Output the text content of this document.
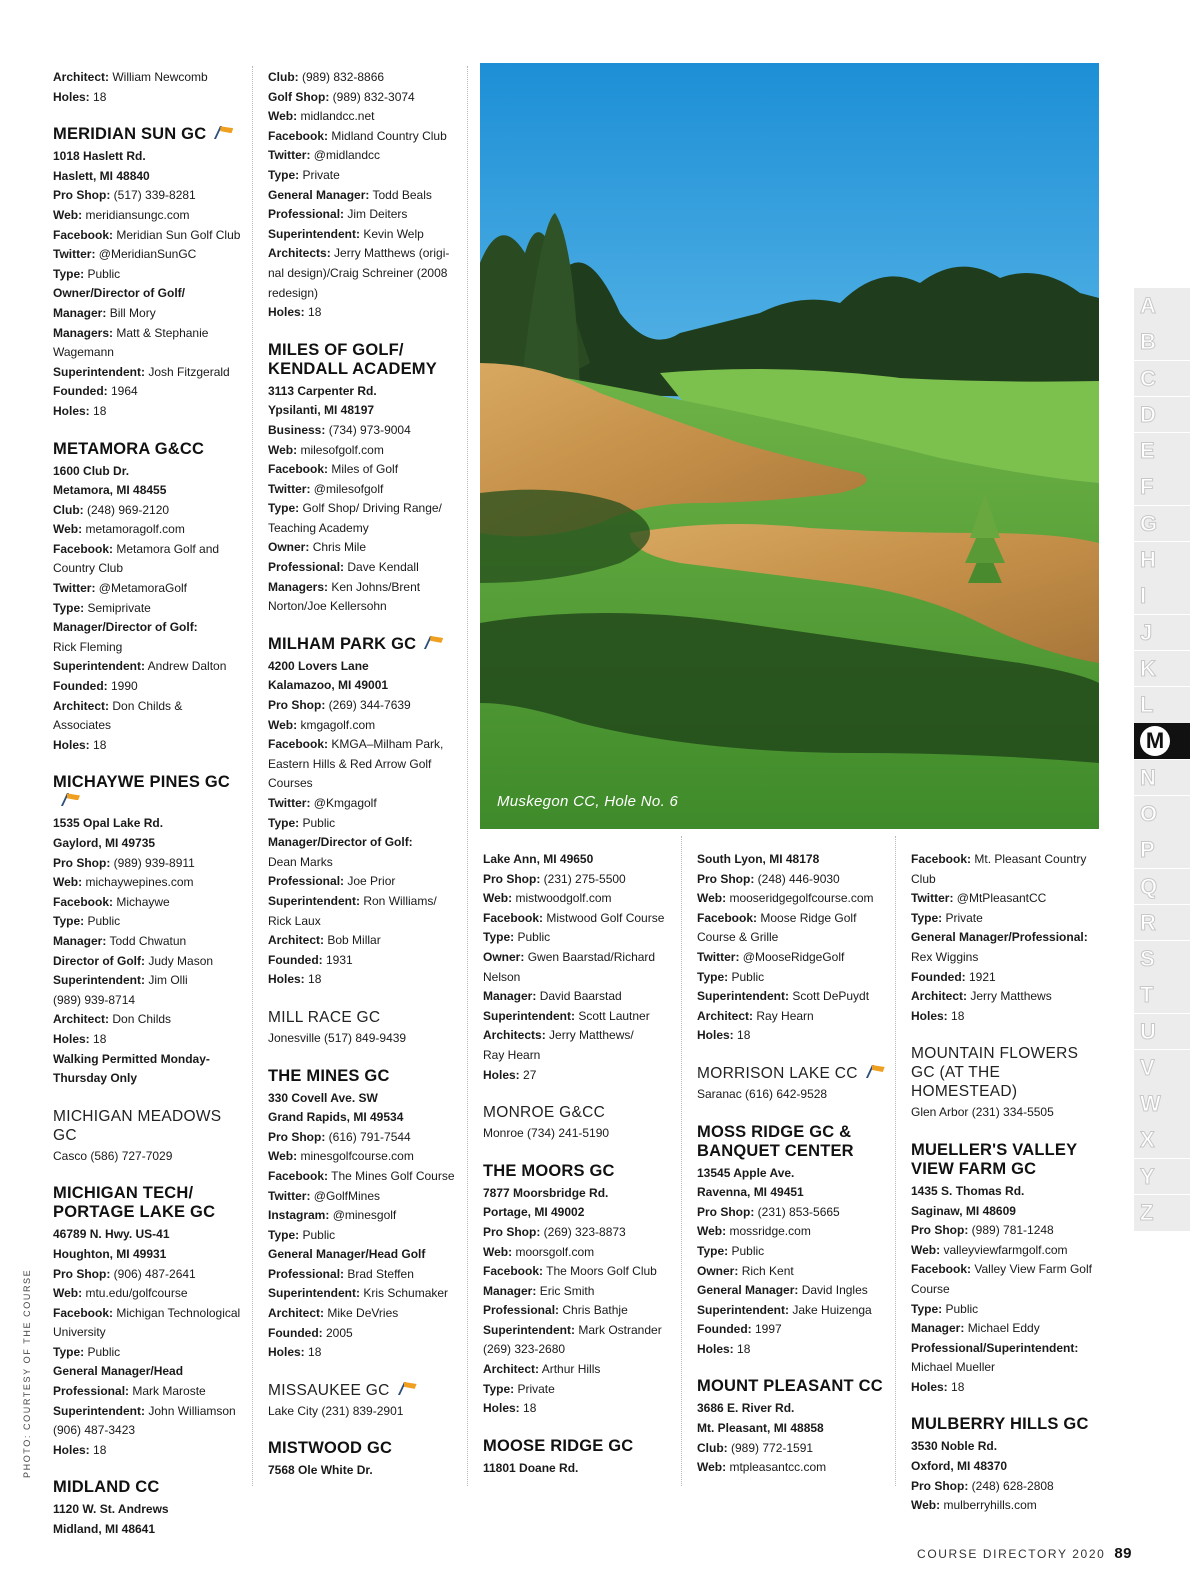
Architect: William Newcomb
Holes: 18
MERIDIAN SUN GC
1018 Haslett Rd.
Haslett, MI 48840
Pro Shop: (517) 339-8281
Web: meridiansungc.com
Facebook: Meridian Sun Golf Club
Twitter: @MeridianSunGC
Type: Public
Owner/Director of Golf/
Manager: Bill Mory
Managers: Matt & Stephanie
Wagemann
Superintendent: Josh Fitzgerald
Founded: 1964
Holes: 18
METAMORA G&CC
1600 Club Dr.
Metamora, MI 48455
Club: (248) 969-2120
Web: metamoragolf.com
Facebook: Metamora Golf and
Country Club
Twitter: @MetamoraGolf
Type: Semiprivate
Manager/Director of Golf:
Rick Fleming
Superintendent: Andrew Dalton
Founded: 1990
Architect: Don Childs & Associates
Holes: 18
MICHAYWE PINES GC
1535 Opal Lake Rd.
Gaylord, MI 49735
Pro Shop: (989) 939-8911
Web: michaywepines.com
Facebook: Michaywe
Type: Public
Manager: Todd Chwatun
Director of Golf: Judy Mason
Superintendent: Jim Olli
(989) 939-8714
Architect: Don Childs
Holes: 18
Walking Permitted Monday-
Thursday Only
MICHIGAN MEADOWS GC
Casco (586) 727-7029
MICHIGAN TECH/ PORTAGE LAKE GC
46789 N. Hwy. US-41
Houghton, MI 49931
Pro Shop: (906) 487-2641
Web: mtu.edu/golfcourse
Facebook: Michigan Technological
University
Type: Public
General Manager/Head
Professional: Mark Maroste
Superintendent: John Williamson
(906) 487-3423
Holes: 18
MIDLAND CC
1120 W. St. Andrews
Midland, MI 48641
Club: (989) 832-8866
Golf Shop: (989) 832-3074
Web: midlandcc.net
Facebook: Midland Country Club
Twitter: @midlandcc
Type: Private
General Manager: Todd Beals
Professional: Jim Deiters
Superintendent: Kevin Welp
Architects: Jerry Matthews (origi-
nal design)/Craig Schreiner (2008
redesign)
Holes: 18
MILES OF GOLF/ KENDALL ACADEMY
3113 Carpenter Rd.
Ypsilanti, MI 48197
Business: (734) 973-9004
Web: milesofgolf.com
Facebook: Miles of Golf
Twitter: @milesofgolf
Type: Golf Shop/ Driving Range/
Teaching Academy
Owner: Chris Mile
Professional: Dave Kendall
Managers: Ken Johns/Brent
Norton/Joe Kellersohn
MILHAM PARK GC
4200 Lovers Lane
Kalamazoo, MI 49001
Pro Shop: (269) 344-7639
Web: kmgagolf.com
Facebook: KMGA–Milham Park,
Eastern Hills & Red Arrow Golf
Courses
Twitter: @Kmgagolf
Type: Public
Manager/Director of Golf:
Dean Marks
Professional: Joe Prior
Superintendent: Ron Williams/
Rick Laux
Architect: Bob Millar
Founded: 1931
Holes: 18
MILL RACE GC
Jonesville (517) 849-9439
THE MINES GC
330 Covell Ave. SW
Grand Rapids, MI 49534
Pro Shop: (616) 791-7544
Web: minesgolfcourse.com
Facebook: The Mines Golf Course
Twitter: @GolfMines
Instagram: @minesgolf
Type: Public
General Manager/Head Golf
Professional: Brad Steffen
Superintendent: Kris Schumaker
Architect: Mike DeVries
Founded: 2005
Holes: 18
MISSAUKEE GC
Lake City (231) 839-2901
MISTWOOD GC
7568 Ole White Dr.
Lake Ann, MI 49650
Pro Shop: (231) 275-5500
Web: mistwoodgolf.com
Facebook: Mistwood Golf Course
Type: Public
Owner: Gwen Baarstad/Richard
Nelson
Manager: David Baarstad
Superintendent: Scott Lautner
Architects: Jerry Matthews/
Ray Hearn
Holes: 27
MONROE G&CC
Monroe (734) 241-5190
THE MOORS GC
7877 Moorsbridge Rd.
Portage, MI 49002
Pro Shop: (269) 323-8873
Web: moorsgolf.com
Facebook: The Moors Golf Club
Manager: Eric Smith
Professional: Chris Bathje
Superintendent: Mark Ostrander
(269) 323-2680
Architect: Arthur Hills
Type: Private
Holes: 18
MOOSE RIDGE GC
11801 Doane Rd.
South Lyon, MI 48178
Pro Shop: (248) 446-9030
Web: mooseridgegolfcourse.com
Facebook: Moose Ridge Golf
Course & Grille
Twitter: @MooseRidgeGolf
Type: Public
Superintendent: Scott DePuydt
Architect: Ray Hearn
Holes: 18
MORRISON LAKE CC
Saranac (616) 642-9528
MOSS RIDGE GC & BANQUET CENTER
13545 Apple Ave.
Ravenna, MI 49451
Pro Shop: (231) 853-5665
Web: mossridge.com
Type: Public
Owner: Rich Kent
General Manager: David Ingles
Superintendent: Jake Huizenga
Founded: 1997
Holes: 18
MOUNT PLEASANT CC
3686 E. River Rd.
Mt. Pleasant, MI 48858
Club: (989) 772-1591
Web: mtpleasantcc.com
Facebook: Mt. Pleasant Country Club
Twitter: @MtPleasantCC
Type: Private
General Manager/Professional:
Rex Wiggins
Founded: 1921
Architect: Jerry Matthews
Holes: 18
MOUNTAIN FLOWERS GC (AT THE HOMESTEAD)
Glen Arbor (231) 334-5505
MUELLER'S VALLEY VIEW FARM GC
1435 S. Thomas Rd.
Saginaw, MI 48609
Pro Shop: (989) 781-1248
Web: valleyviewfarmgolf.com
Facebook: Valley View Farm Golf
Course
Type: Public
Manager: Michael Eddy
Professional/Superintendent:
Michael Mueller
Holes: 18
MULBERRY HILLS GC
3530 Noble Rd.
Oxford, MI 48370
Pro Shop: (248) 628-2808
Web: mulberryhills.com
Muskegon CC, Hole No. 6
A
B
C
D
E
F
G
H
I
J
K
L
M
N
O
P
Q
R
S
T
U
V
W
X
Y
Z
PHOTO: COURTESY OF THE COURSE
COURSE DIRECTORY 2020 89
